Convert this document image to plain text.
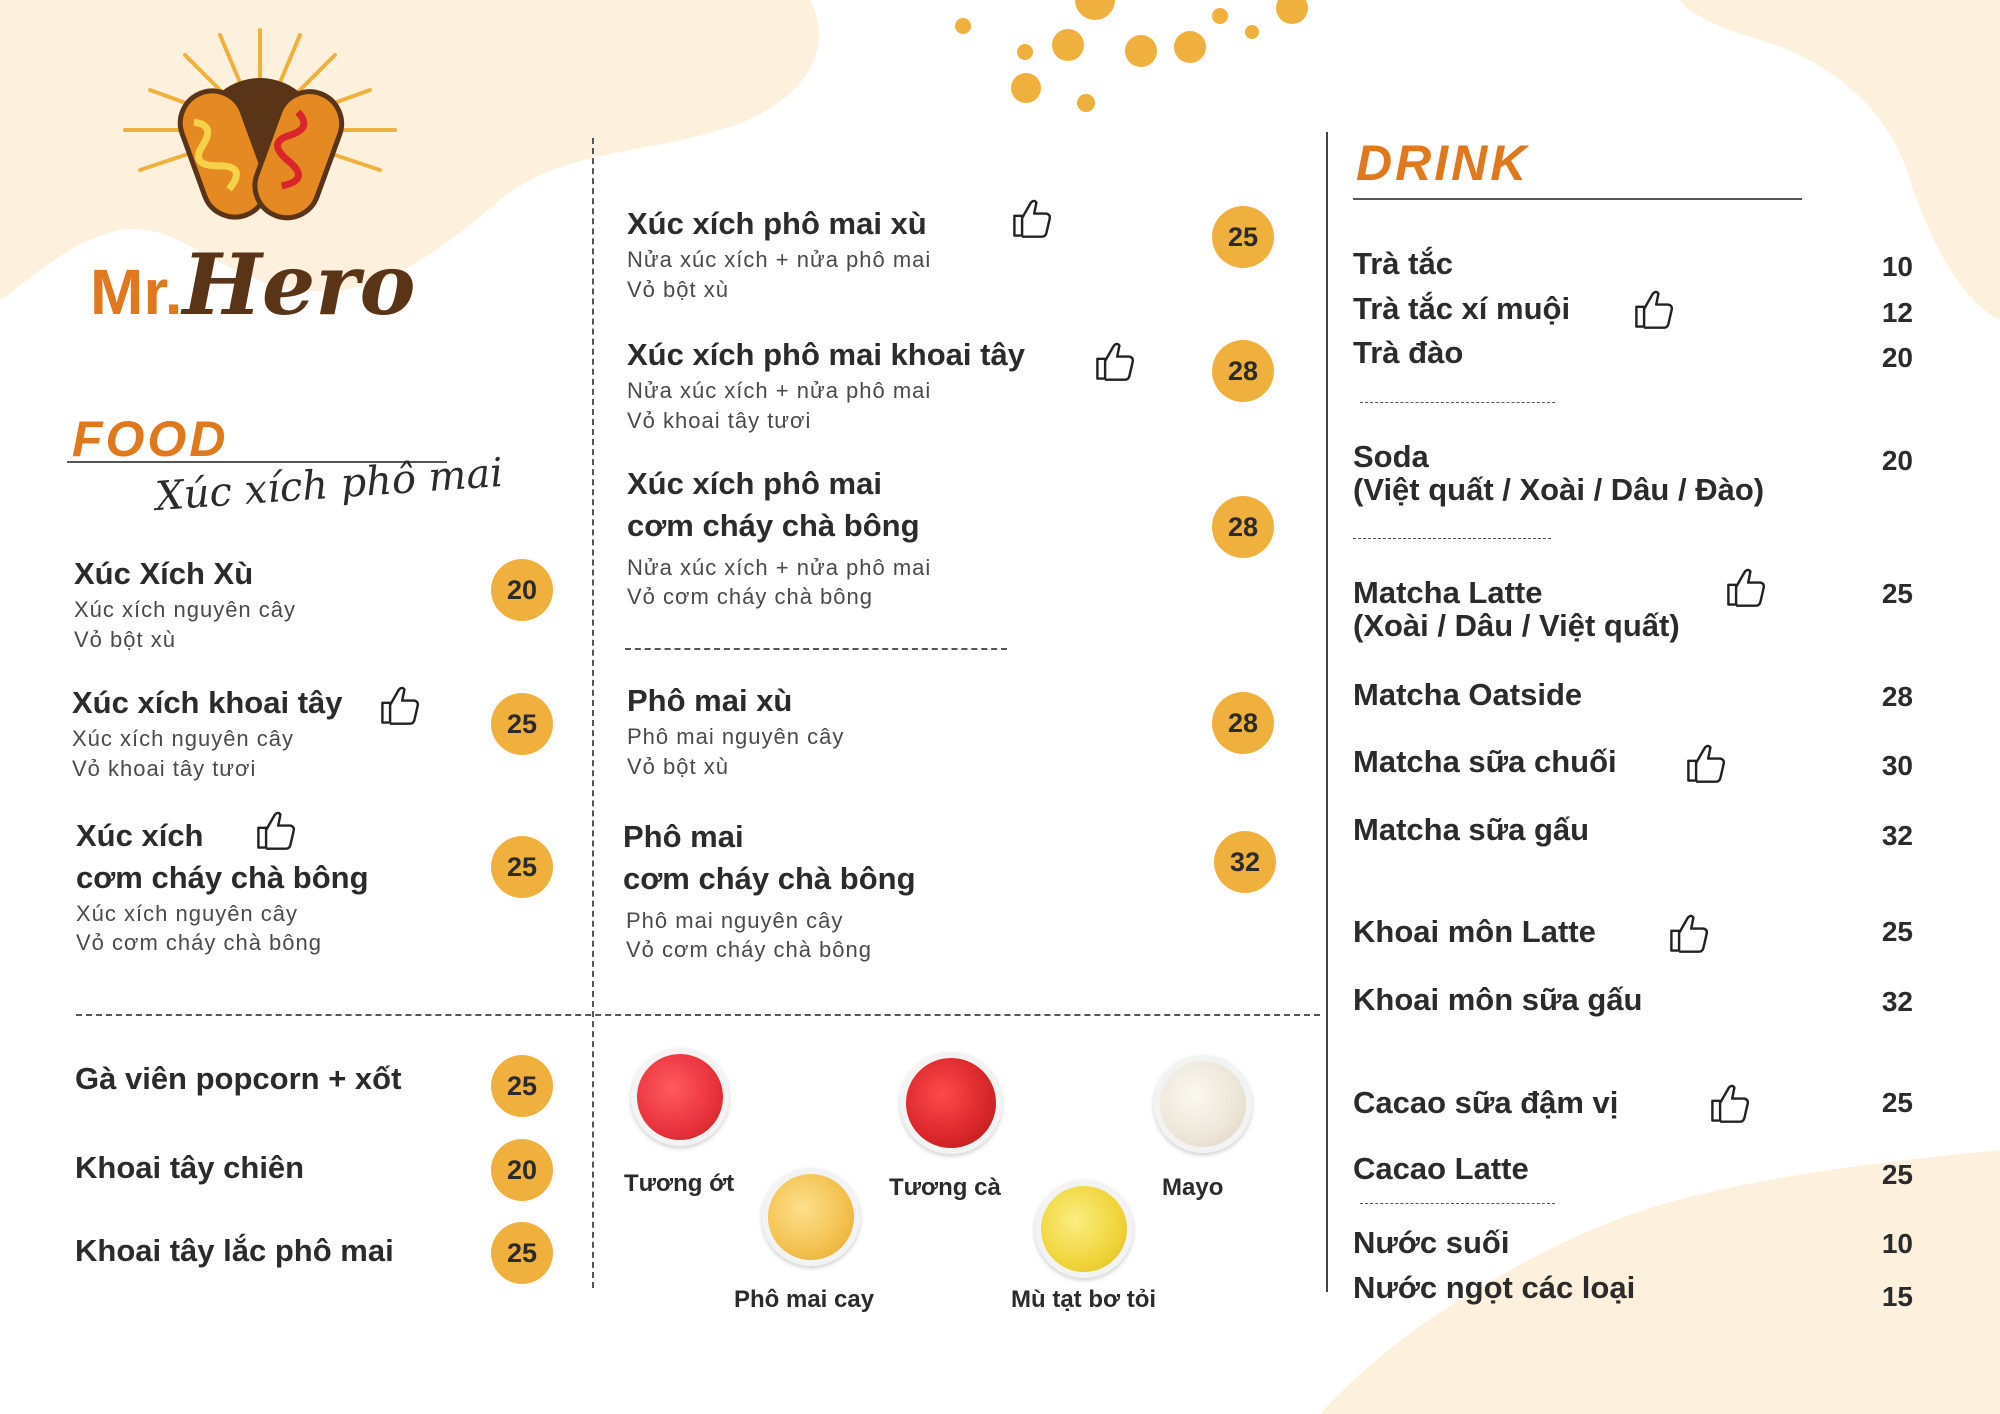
Mr.Hero
FOOD
Xúc xích phô mai
Xúc Xích Xù
Xúc xích nguyên cây
Vỏ bột xù
20
Xúc xích khoai tây
Xúc xích nguyên cây
Vỏ khoai tây tươi
25
Xúc xích
cơm cháy chà bông
Xúc xích nguyên cây
Vỏ cơm cháy chà bông
25
Gà viên popcorn + xốt	25
Khoai tây chiên	20
Khoai tây lắc phô mai	25
Xúc xích phô mai xù
Nửa xúc xích + nửa phô mai
Vỏ bột xù
25
Xúc xích phô mai khoai tây
Nửa xúc xích + nửa phô mai
Vỏ khoai tây tươi
28
Xúc xích phô mai
cơm cháy chà bông
Nửa xúc xích + nửa phô mai
Vỏ cơm cháy chà bông
28
Phô mai xù
Phô mai nguyên cây
Vỏ bột xù
28
Phô mai
cơm cháy chà bông
Phô mai nguyên cây
Vỏ cơm cháy chà bông
32
Tương ớt	Tương cà	Mayo
Phô mai cay	Mù tạt bơ tỏi
DRINK
Trà tắc	10
Trà tắc xí muội	12
Trà đào	20
Soda
(Việt quất / Xoài / Dâu / Đào)
20
Matcha Latte
(Xoài / Dâu / Việt quất)
25
Matcha Oatside	28
Matcha sữa chuối	30
Matcha sữa gấu	32
Khoai môn Latte	25
Khoai môn sữa gấu	32
Cacao sữa đậm vị	25
Cacao Latte	25
Nước suối	10
Nước ngọt các loại	15
